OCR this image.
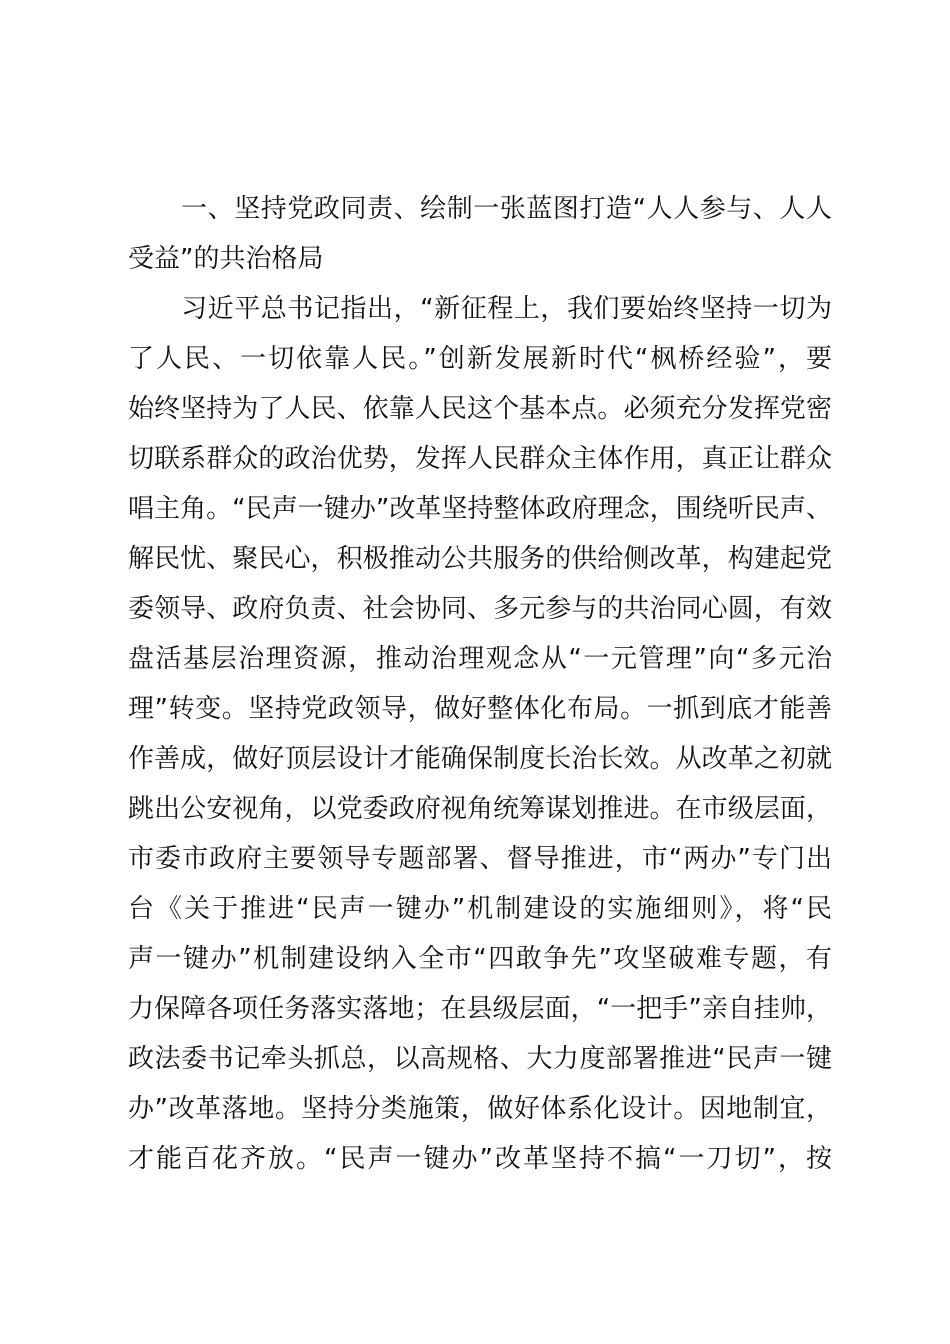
　　一、坚持党政同责、绘制一张蓝图打造“人人参与、人人
受益”的共治格局
　　习近平总书记指出，“新征程上，我们要始终坚持一切为
了人民、一切依靠人民。”创新发展新时代“枫桥经验”，要
始终坚持为了人民、依靠人民这个基本点。必须充分发挥党密
切联系群众的政治优势，发挥人民群众主体作用，真正让群众
唱主角。“民声一键办”改革坚持整体政府理念，围绕听民声、
解民忧、聚民心，积极推动公共服务的供给侧改革，构建起党
委领导、政府负责、社会协同、多元参与的共治同心圆，有效
盘活基层治理资源，推动治理观念从“一元管理”向“多元治
理”转变。坚持党政领导，做好整体化布局。一抓到底才能善
作善成，做好顶层设计才能确保制度长治长效。从改革之初就
跳出公安视角，以党委政府视角统筹谋划推进。在市级层面，
市委市政府主要领导专题部署、督导推进，市“两办”专门出
台《关于推进“民声一键办”机制建设的实施细则》，将“民
声一键办”机制建设纳入全市“四敢争先”攻坚破难专题，有
力保障各项任务落实落地；在县级层面，“一把手”亲自挂帅，
政法委书记牵头抓总，以高规格、大力度部署推进“民声一键
办”改革落地。坚持分类施策，做好体系化设计。因地制宜，
才能百花齐放。“民声一键办”改革坚持不搞“一刀切”，按
